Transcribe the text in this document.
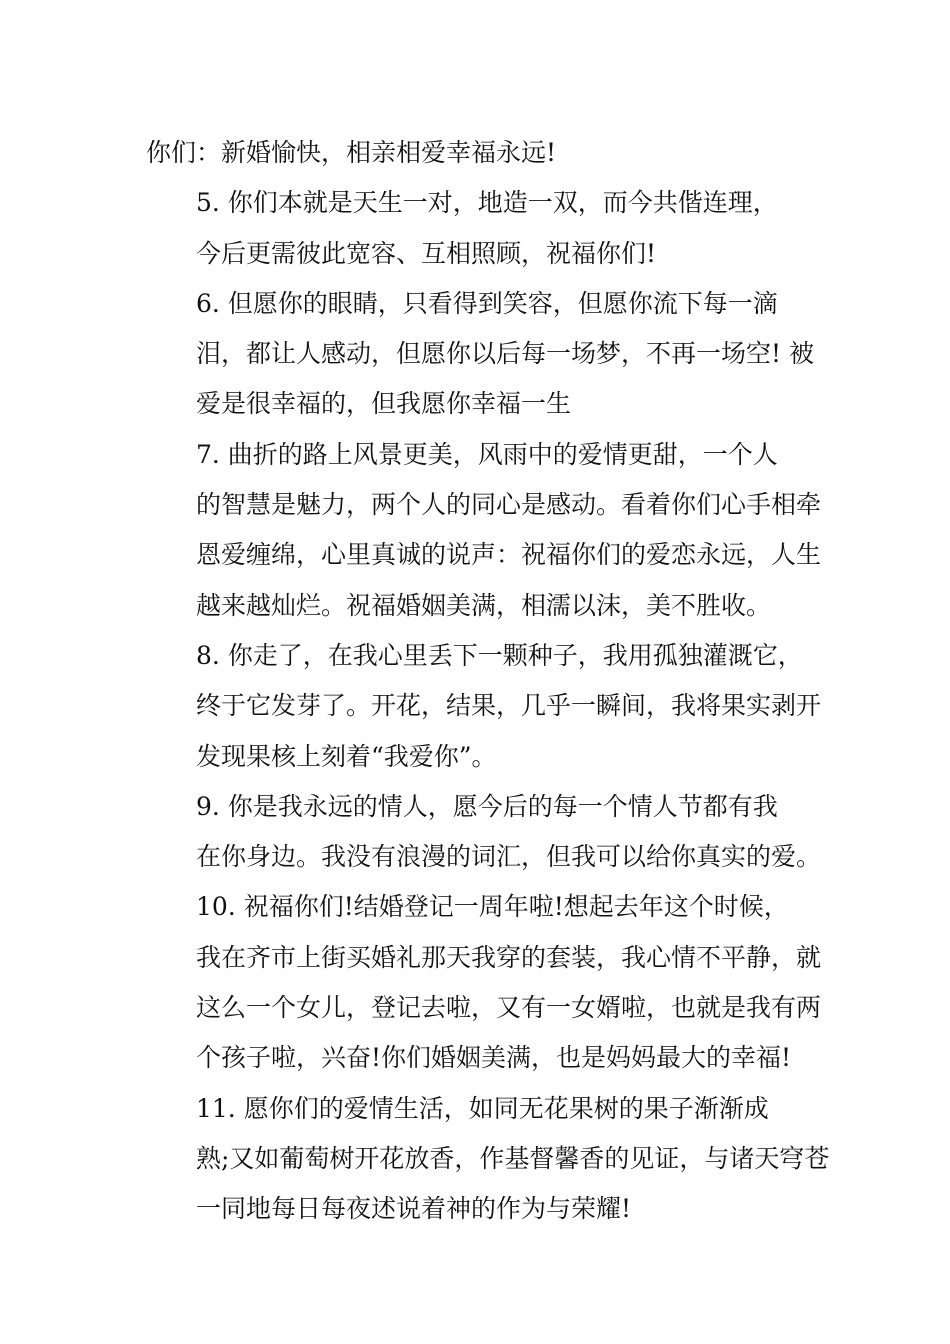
你们：新婚愉快，相亲相爱幸福永远!

5. 你们本就是天生一对，地造一双，而今共偕连理，
今后更需彼此宽容、互相照顾，祝福你们!

6. 但愿你的眼睛，只看得到笑容，但愿你流下每一滴
泪，都让人感动，但愿你以后每一场梦，不再一场空! 被
爱是很幸福的，但我愿你幸福一生

7. 曲折的路上风景更美，风雨中的爱情更甜，一个人
的智慧是魅力，两个人的同心是感动。看着你们心手相牵
恩爱缠绵，心里真诚的说声：祝福你们的爱恋永远，人生
越来越灿烂。祝福婚姻美满，相濡以沫，美不胜收。

8. 你走了，在我心里丢下一颗种子，我用孤独灌溉它，
终于它发芽了。开花，结果，几乎一瞬间，我将果实剥开
发现果核上刻着“我爱你”。

9. 你是我永远的情人，愿今后的每一个情人节都有我
在你身边。我没有浪漫的词汇，但我可以给你真实的爱。

10. 祝福你们!结婚登记一周年啦!想起去年这个时候，
我在齐市上街买婚礼那天我穿的套装，我心情不平静，就
这么一个女儿，登记去啦，又有一女婿啦，也就是我有两
个孩子啦，兴奋!你们婚姻美满，也是妈妈最大的幸福!

11. 愿你们的爱情生活，如同无花果树的果子渐渐成
熟;又如葡萄树开花放香，作基督馨香的见证，与诸天穹苍
一同地每日每夜述说着神的作为与荣耀!
